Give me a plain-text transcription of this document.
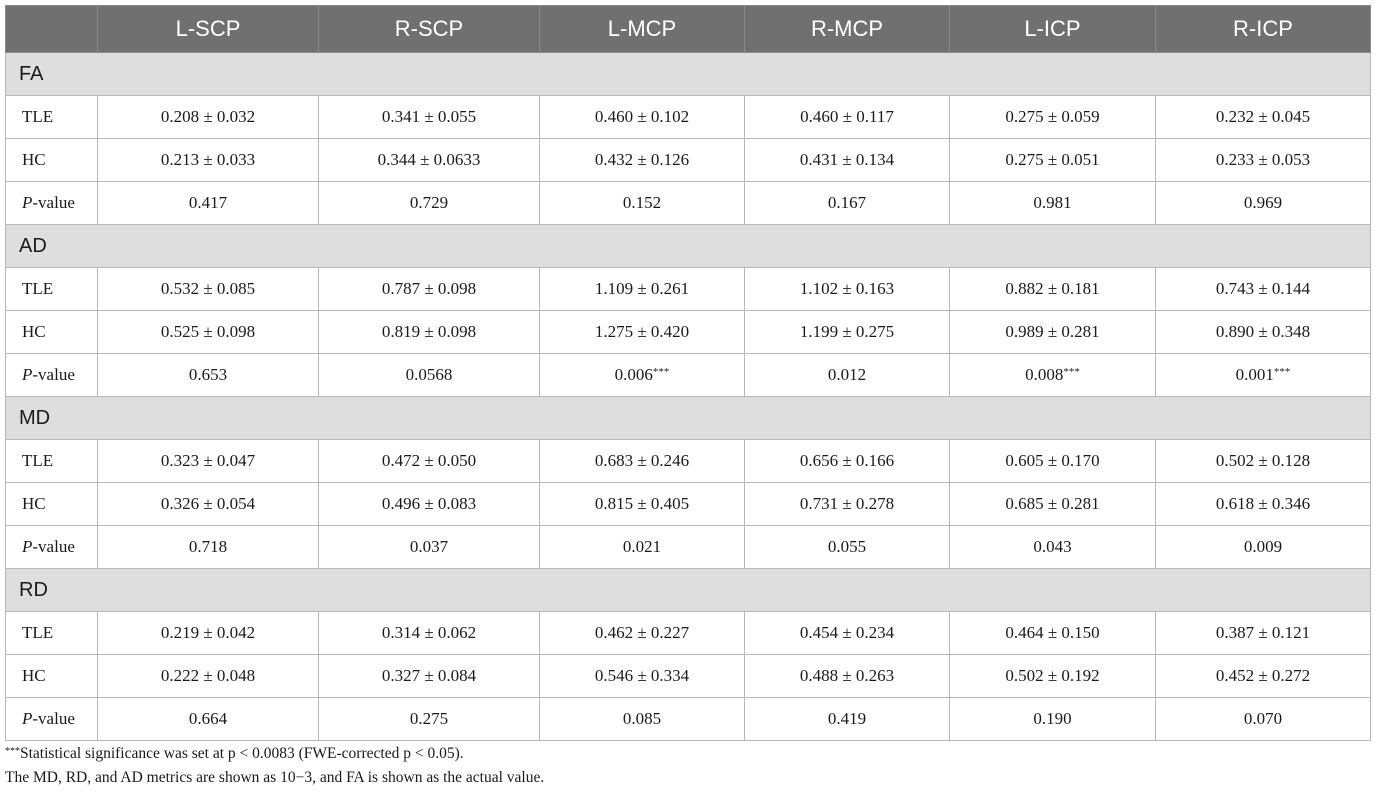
	L-SCP	R-SCP	L-MCP	R-MCP	L-ICP	R-ICP
FA						
TLE	0.208 ± 0.032	0.341 ± 0.055	0.460 ± 0.102	0.460 ± 0.117	0.275 ± 0.059	0.232 ± 0.045
HC	0.213 ± 0.033	0.344 ± 0.0633	0.432 ± 0.126	0.431 ± 0.134	0.275 ± 0.051	0.233 ± 0.053
P-value	0.417	0.729	0.152	0.167	0.981	0.969
AD						
TLE	0.532 ± 0.085	0.787 ± 0.098	1.109 ± 0.261	1.102 ± 0.163	0.882 ± 0.181	0.743 ± 0.144
HC	0.525 ± 0.098	0.819 ± 0.098	1.275 ± 0.420	1.199 ± 0.275	0.989 ± 0.281	0.890 ± 0.348
P-value	0.653	0.0568	0.006***	0.012	0.008***	0.001***
MD						
TLE	0.323 ± 0.047	0.472 ± 0.050	0.683 ± 0.246	0.656 ± 0.166	0.605 ± 0.170	0.502 ± 0.128
HC	0.326 ± 0.054	0.496 ± 0.083	0.815 ± 0.405	0.731 ± 0.278	0.685 ± 0.281	0.618 ± 0.346
P-value	0.718	0.037	0.021	0.055	0.043	0.009
RD						
TLE	0.219 ± 0.042	0.314 ± 0.062	0.462 ± 0.227	0.454 ± 0.234	0.464 ± 0.150	0.387 ± 0.121
HC	0.222 ± 0.048	0.327 ± 0.084	0.546 ± 0.334	0.488 ± 0.263	0.502 ± 0.192	0.452 ± 0.272
P-value	0.664	0.275	0.085	0.419	0.190	0.070
***Statistical significance was set at p < 0.0083 (FWE-corrected p < 0.05).
The MD, RD, and AD metrics are shown as 10−3, and FA is shown as the actual value.
